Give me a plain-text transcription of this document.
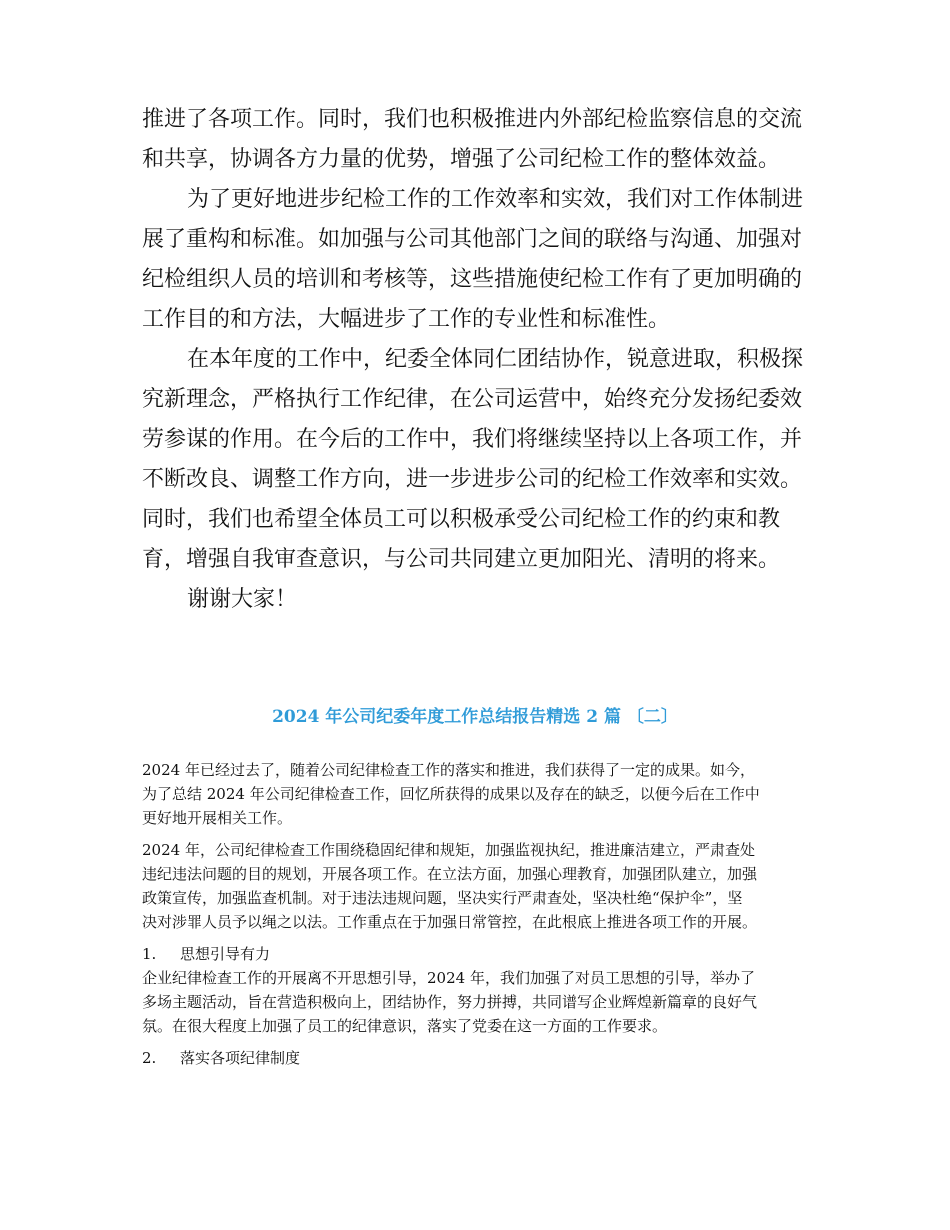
推进了各项工作。同时，我们也积极推进内外部纪检监察信息的交流
和共享，协调各方力量的优势，增强了公司纪检工作的整体效益。

为了更好地进步纪检工作的工作效率和实效，我们对工作体制进
展了重构和标准。如加强与公司其他部门之间的联络与沟通、加强对
纪检组织人员的培训和考核等，这些措施使纪检工作有了更加明确的
工作目的和方法，大幅进步了工作的专业性和标准性。

在本年度的工作中，纪委全体同仁团结协作，锐意进取，积极探
究新理念，严格执行工作纪律，在公司运营中，始终充分发扬纪委效
劳参谋的作用。在今后的工作中，我们将继续坚持以上各项工作，并
不断改良、调整工作方向，进一步进步公司的纪检工作效率和实效。
同时，我们也希望全体员工可以积极承受公司纪检工作的约束和教
育，增强自我审查意识，与公司共同建立更加阳光、清明的将来。

谢谢大家！

2024 年公司纪委年度工作总结报告精选 2 篇 〔二〕

2024 年已经过去了，随着公司纪律检查工作的落实和推进，我们获得了一定的成果。如今，
为了总结 2024 年公司纪律检查工作，回忆所获得的成果以及存在的缺乏，以便今后在工作中
更好地开展相关工作。

2024 年，公司纪律检查工作围绕稳固纪律和规矩，加强监视执纪，推进廉洁建立，严肃查处
违纪违法问题的目的规划，开展各项工作。在立法方面，加强心理教育，加强团队建立，加强
政策宣传，加强监查机制。对于违法违规问题，坚决实行严肃查处，坚决杜绝“保护伞”，坚
决对涉罪人员予以绳之以法。工作重点在于加强日常管控，在此根底上推进各项工作的开展。

1.	思想引导有力

企业纪律检查工作的开展离不开思想引导，2024 年，我们加强了对员工思想的引导，举办了
多场主题活动，旨在营造积极向上，团结协作，努力拼搏，共同谱写企业辉煌新篇章的良好气
氛。在很大程度上加强了员工的纪律意识，落实了党委在这一方面的工作要求。

2.	落实各项纪律制度
